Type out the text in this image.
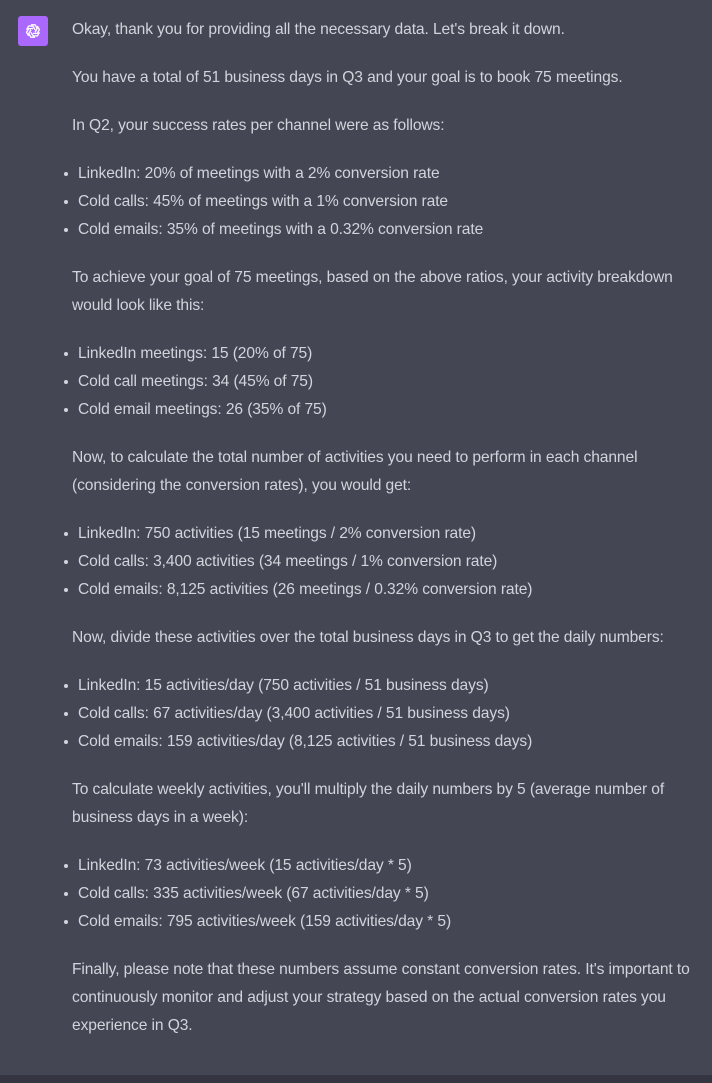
Okay, thank you for providing all the necessary data. Let's break it down.

You have a total of 51 business days in Q3 and your goal is to book 75 meetings.

In Q2, your success rates per channel were as follows:

LinkedIn: 20% of meetings with a 2% conversion rate
Cold calls: 45% of meetings with a 1% conversion rate
Cold emails: 35% of meetings with a 0.32% conversion rate

To achieve your goal of 75 meetings, based on the above ratios, your activity breakdown would look like this:

LinkedIn meetings: 15 (20% of 75)
Cold call meetings: 34 (45% of 75)
Cold email meetings: 26 (35% of 75)

Now, to calculate the total number of activities you need to perform in each channel (considering the conversion rates), you would get:

LinkedIn: 750 activities (15 meetings / 2% conversion rate)
Cold calls: 3,400 activities (34 meetings / 1% conversion rate)
Cold emails: 8,125 activities (26 meetings / 0.32% conversion rate)

Now, divide these activities over the total business days in Q3 to get the daily numbers:

LinkedIn: 15 activities/day (750 activities / 51 business days)
Cold calls: 67 activities/day (3,400 activities / 51 business days)
Cold emails: 159 activities/day (8,125 activities / 51 business days)

To calculate weekly activities, you'll multiply the daily numbers by 5 (average number of business days in a week):

LinkedIn: 73 activities/week (15 activities/day * 5)
Cold calls: 335 activities/week (67 activities/day * 5)
Cold emails: 795 activities/week (159 activities/day * 5)

Finally, please note that these numbers assume constant conversion rates. It's important to continuously monitor and adjust your strategy based on the actual conversion rates you experience in Q3.
